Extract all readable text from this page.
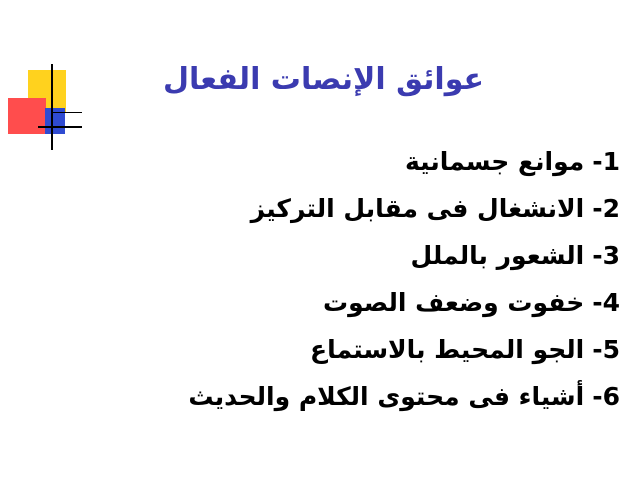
عوائق الإنصات الفعال
-1موانع جسمانية
-2الانشغال فى مقابل التركيز
-3الشعور بالملل
-4خفوت وضعف الصوت
-5الجو المحيط بالاستماع
-6أشياء فى محتوى الكلام والحديث
